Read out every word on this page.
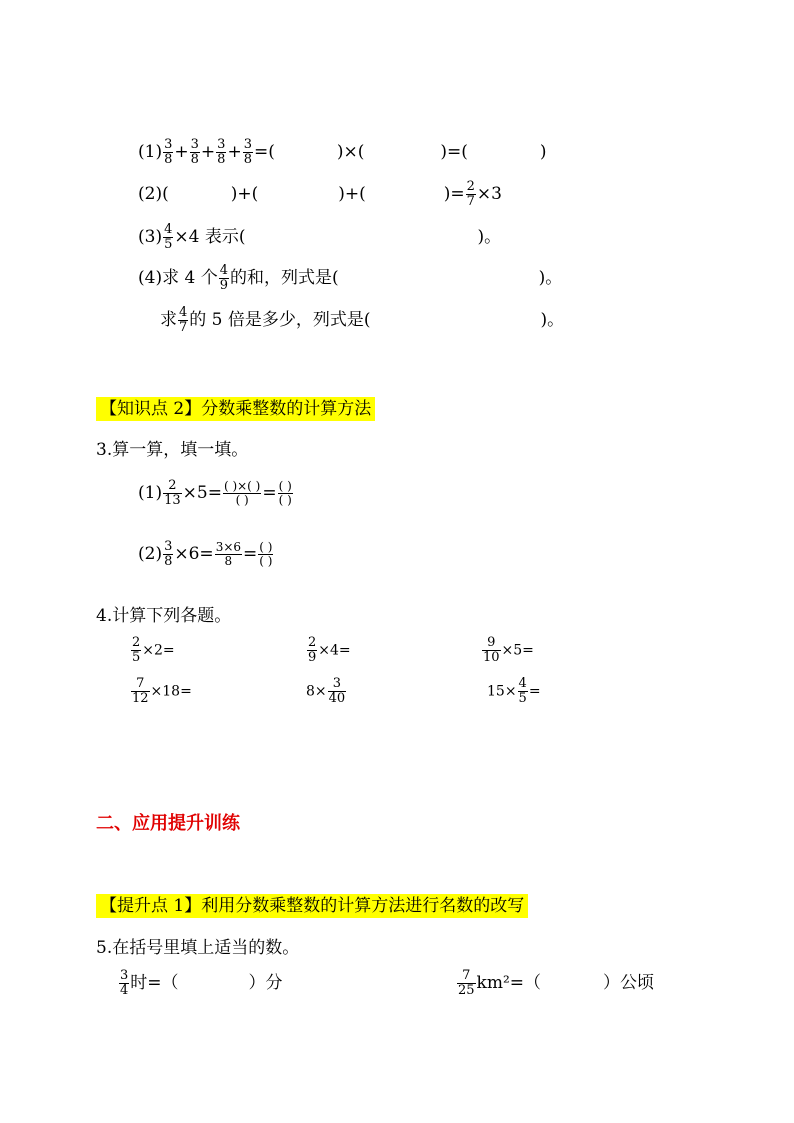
$(1) \frac{3}{8} + \frac{3}{8} + \frac{3}{8} + \frac{3}{8}$ =(	)×(	)=(	)
(2)(	)+(	)+(	)= $\frac{2}{7} \times 3$
$(3) \frac{4}{5} \times 4$ 表示(	)。
(4)求 4 个 $\frac{4}{9}$ 的和，列式是(	)。
求 $\frac{4}{7}$ 的 5 倍是多少，列式是(	)。
【知识点 2】分数乘整数的计算方法
3.算一算，填一填。
$(1) \frac{2}{13} \times 5= \frac{( )\times( )}{( )} = \frac{( )}{( )}$
$(2) \frac{3}{8} \times 6= \frac{3\times 6}{8} = \frac{( )}{( )}$
4.计算下列各题。
$\frac{2}{5} \times 2=$	$\frac{2}{9} \times 4=$	$\frac{9}{10} \times 5=$
$\frac{7}{12} \times 18=$	$8\times \frac{3}{40}$	$15\times \frac{4}{5}$ =
二、应用提升训练
【提升点 1】利用分数乘整数的计算方法进行名数的改写
5.在括号里填上适当的数。
$\frac{3}{4}$ 时=（	）分	$\frac{7}{25} km^2=$（	）公顷
